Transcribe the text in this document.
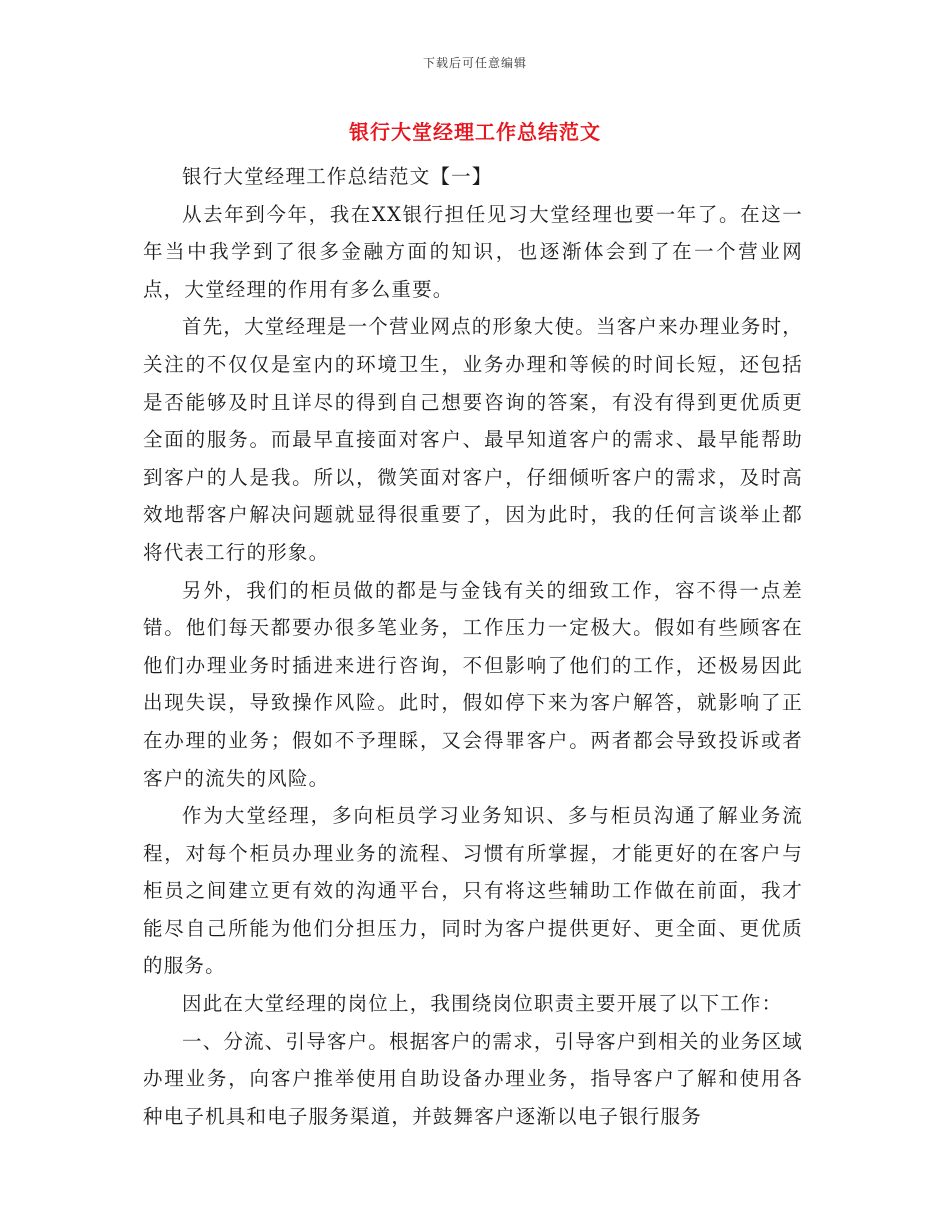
下载后可任意编辑
银行大堂经理工作总结范文

银行大堂经理工作总结范文【一】

从去年到今年，我在XX银行担任见习大堂经理也要一年了。在这一年当中我学到了很多金融方面的知识，也逐渐体会到了在一个营业网点，大堂经理的作用有多么重要。

首先，大堂经理是一个营业网点的形象大使。当客户来办理业务时，关注的不仅仅是室内的环境卫生，业务办理和等候的时间长短，还包括是否能够及时且详尽的得到自己想要咨询的答案，有没有得到更优质更全面的服务。而最早直接面对客户、最早知道客户的需求、最早能帮助到客户的人是我。所以，微笑面对客户，仔细倾听客户的需求，及时高效地帮客户解决问题就显得很重要了，因为此时，我的任何言谈举止都将代表工行的形象。

另外，我们的柜员做的都是与金钱有关的细致工作，容不得一点差错。他们每天都要办很多笔业务，工作压力一定极大。假如有些顾客在他们办理业务时插进来进行咨询，不但影响了他们的工作，还极易因此出现失误，导致操作风险。此时，假如停下来为客户解答，就影响了正在办理的业务；假如不予理睬，又会得罪客户。两者都会导致投诉或者客户的流失的风险。

作为大堂经理，多向柜员学习业务知识、多与柜员沟通了解业务流程，对每个柜员办理业务的流程、习惯有所掌握，才能更好的在客户与柜员之间建立更有效的沟通平台，只有将这些辅助工作做在前面，我才能尽自己所能为他们分担压力，同时为客户提供更好、更全面、更优质的服务。

因此在大堂经理的岗位上，我围绕岗位职责主要开展了以下工作：

一、分流、引导客户。根据客户的需求，引导客户到相关的业务区域办理业务，向客户推举使用自助设备办理业务，指导客户了解和使用各种电子机具和电子服务渠道，并鼓舞客户逐渐以电子银行服务
